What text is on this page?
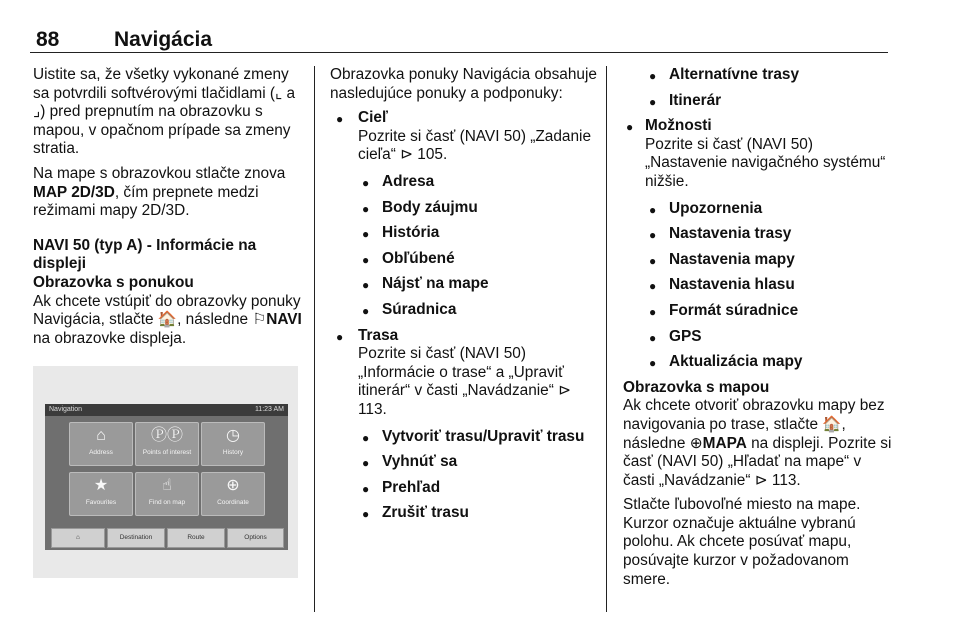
88	Navigácia

Uistite sa, že všetky vykonané zmeny sa potvrdili softvérovými tlačidlami (⌞ a ⌟) pred prepnutím na obrazovku s mapou, v opačnom prípade sa zmeny stratia.

Na mape s obrazovkou stlačte znova MAP 2D/3D, čím prepnete medzi režimami mapy 2D/3D.

NAVI 50 (typ A) - Informácie na displeji

Obrazovka s ponukou

Ak chcete vstúpiť do obrazovky ponuky Navigácia, stlačte 🏠, následne ⚐NAVI na obrazovke displeja.

Navigation	11:23 AM
⌂
Address
ⓅⓅ
Points of interest
◷
History
★
Favourites
☝
Find on map
⊕
Coordinate
⌂	Destination	Route	Options

Obrazovka ponuky Navigácia obsahuje nasledujúce ponuky a podponuky:

● Cieľ
Pozrite si časť (NAVI 50) „Zadanie cieľa“ ⊳ 105.
● Adresa
● Body záujmu
● História
● Obľúbené
● Nájsť na mape
● Súradnica
● Trasa
Pozrite si časť (NAVI 50) „Informácie o trase“ a „Upraviť itinerár“ v časti „Navádzanie“ ⊳ 113.
● Vytvoriť trasu/Upraviť trasu
● Vyhnúť sa
● Prehľad
● Zrušiť trasu
● Alternatívne trasy
● Itinerár
● Možnosti
Pozrite si časť (NAVI 50) „Nastavenie navigačného systému“ nižšie.
● Upozornenia
● Nastavenia trasy
● Nastavenia mapy
● Nastavenia hlasu
● Formát súradnice
● GPS
● Aktualizácia mapy

Obrazovka s mapou

Ak chcete otvoriť obrazovku mapy bez navigovania po trase, stlačte 🏠, následne ⊕MAPA na displeji. Pozrite si časť (NAVI 50) „Hľadať na mape“ v časti „Navádzanie“ ⊳ 113.

Stlačte ľubovoľné miesto na mape. Kurzor označuje aktuálne vybranú polohu. Ak chcete posúvať mapu, posúvajte kurzor v požadovanom smere.
